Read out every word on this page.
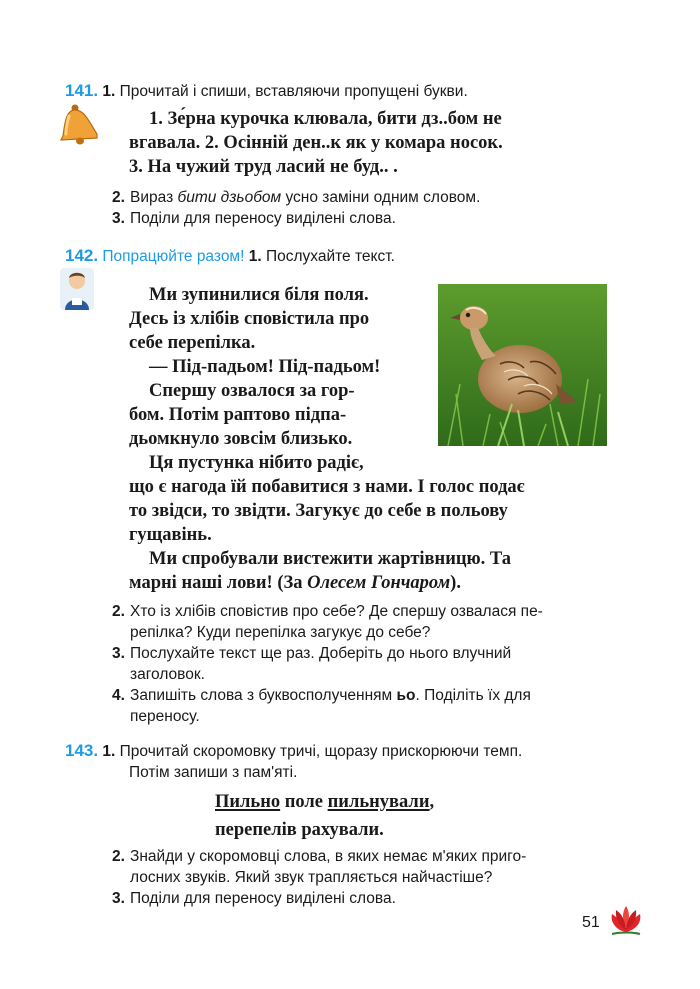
141. 1. Прочитай і спиши, вставляючи пропущені букви.
1. Зе́рна курочка клювала, бити дз..бом не
вгавала. 2. Осінній ден..к як у комара носок.
3. На чужий труд ласий не буд.. .
2. Вираз бити дзьобом усно заміни одним словом.
3. Поділи для переносу виділені слова.
142. Попрацюйте разом! 1. Послухайте текст.
Ми зупинилися біля поля.
Десь із хлібів сповістила про
себе перепілка.
— Під-падьом! Під-падьом!
Спершу озвалося за гор-
бом. Потім раптово підпа-
дьомкнуло зовсім близько.
Ця пустунка нібито радіє,
що є нагода їй побавитися з нами. І голос подає
то звідси, то звідти. Загукує до себе в польову
гущавінь.
Ми спробували вистежити жартівницю. Та
марні наші лови! (За Олесем Гончаром).
2. Хто із хлібів сповістив про себе? Де спершу озвалася пе-
репілка? Куди перепілка загукує до себе?
3. Послухайте текст ще раз. Доберіть до нього влучний
заголовок.
4. Запишіть слова з буквосполученням ьо. Поділіть їх для
переносу.
143. 1. Прочитай скоромовку тричі, щоразу прискорюючи темп.
Потім запиши з пам'яті.
Пильно поле пильнували,
перепелів рахували.
2. Знайди у скоромовці слова, в яких немає м'яких приго-
лосних звуків. Який звук трапляється найчастіше?
3. Поділи для переносу виділені слова.
51
